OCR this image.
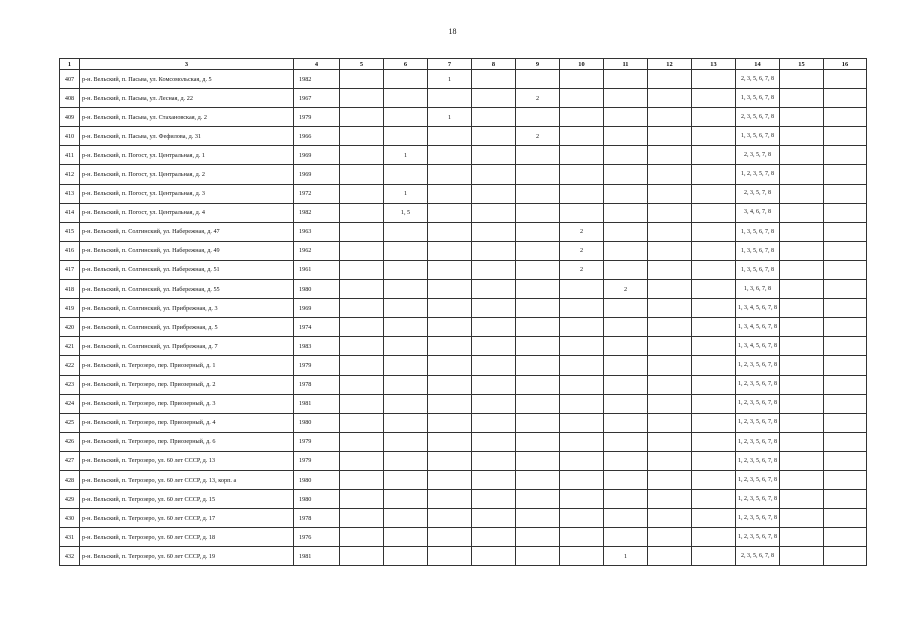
18
1	3	4	5	6	7	8	9	10	11	12	13	14	15	16
407	р-н. Вельский, п. Пасьва, ул. Комсомольская, д. 5	1982			1							2, 3, 5, 6, 7, 8		
408	р-н. Вельский, п. Пасьва, ул. Лесная, д. 22	1967					2					1, 3, 5, 6, 7, 8		
409	р-н. Вельский, п. Пасьва, ул. Стахановская, д. 2	1979			1							2, 3, 5, 6, 7, 8		
410	р-н. Вельский, п. Пасьва, ул. Фефилова, д. 31	1966					2					1, 3, 5, 6, 7, 8		
411	р-н. Вельский, п. Погост, ул. Центральная, д. 1	1969		1								2, 3, 5, 7, 8		
412	р-н. Вельский, п. Погост, ул. Центральная, д. 2	1969										1, 2, 3, 5, 7, 8		
413	р-н. Вельский, п. Погост, ул. Центральная, д. 3	1972		1								2, 3, 5, 7, 8		
414	р-н. Вельский, п. Погост, ул. Центральная, д. 4	1982		1, 5								3, 4, 6, 7, 8		
415	р-н. Вельский, п. Солгинский, ул. Набережная, д. 47	1963						2				1, 3, 5, 6, 7, 8		
416	р-н. Вельский, п. Солгинский, ул. Набережная, д. 49	1962						2				1, 3, 5, 6, 7, 8		
417	р-н. Вельский, п. Солгинский, ул. Набережная, д. 51	1961						2				1, 3, 5, 6, 7, 8		
418	р-н. Вельский, п. Солгинский, ул. Набережная, д. 55	1980							2			1, 3, 6, 7, 8		
419	р-н. Вельский, п. Солгинский, ул. Прибрежная, д. 3	1969										1, 3, 4, 5, 6, 7, 8		
420	р-н. Вельский, п. Солгинский, ул. Прибрежная, д. 5	1974										1, 3, 4, 5, 6, 7, 8		
421	р-н. Вельский, п. Солгинский, ул. Прибрежная, д. 7	1983										1, 3, 4, 5, 6, 7, 8		
422	р-н. Вельский, п. Тегрозеро, пер. Приозерный, д. 1	1979										1, 2, 3, 5, 6, 7, 8		
423	р-н. Вельский, п. Тегрозеро, пер. Приозерный, д. 2	1978										1, 2, 3, 5, 6, 7, 8		
424	р-н. Вельский, п. Тегрозеро, пер. Приозерный, д. 3	1981										1, 2, 3, 5, 6, 7, 8		
425	р-н. Вельский, п. Тегрозеро, пер. Приозерный, д. 4	1980										1, 2, 3, 5, 6, 7, 8		
426	р-н. Вельский, п. Тегрозеро, пер. Приозерный, д. 6	1979										1, 2, 3, 5, 6, 7, 8		
427	р-н. Вельский, п. Тегрозеро, ул. 60 лет СССР, д. 13	1979										1, 2, 3, 5, 6, 7, 8		
428	р-н. Вельский, п. Тегрозеро, ул. 60 лет СССР, д. 13, корп. а	1980										1, 2, 3, 5, 6, 7, 8		
429	р-н. Вельский, п. Тегрозеро, ул. 60 лет СССР, д. 15	1980										1, 2, 3, 5, 6, 7, 8		
430	р-н. Вельский, п. Тегрозеро, ул. 60 лет СССР, д. 17	1978										1, 2, 3, 5, 6, 7, 8		
431	р-н. Вельский, п. Тегрозеро, ул. 60 лет СССР, д. 18	1976										1, 2, 3, 5, 6, 7, 8		
432	р-н. Вельский, п. Тегрозеро, ул. 60 лет СССР, д. 19	1981							1			2, 3, 5, 6, 7, 8		
